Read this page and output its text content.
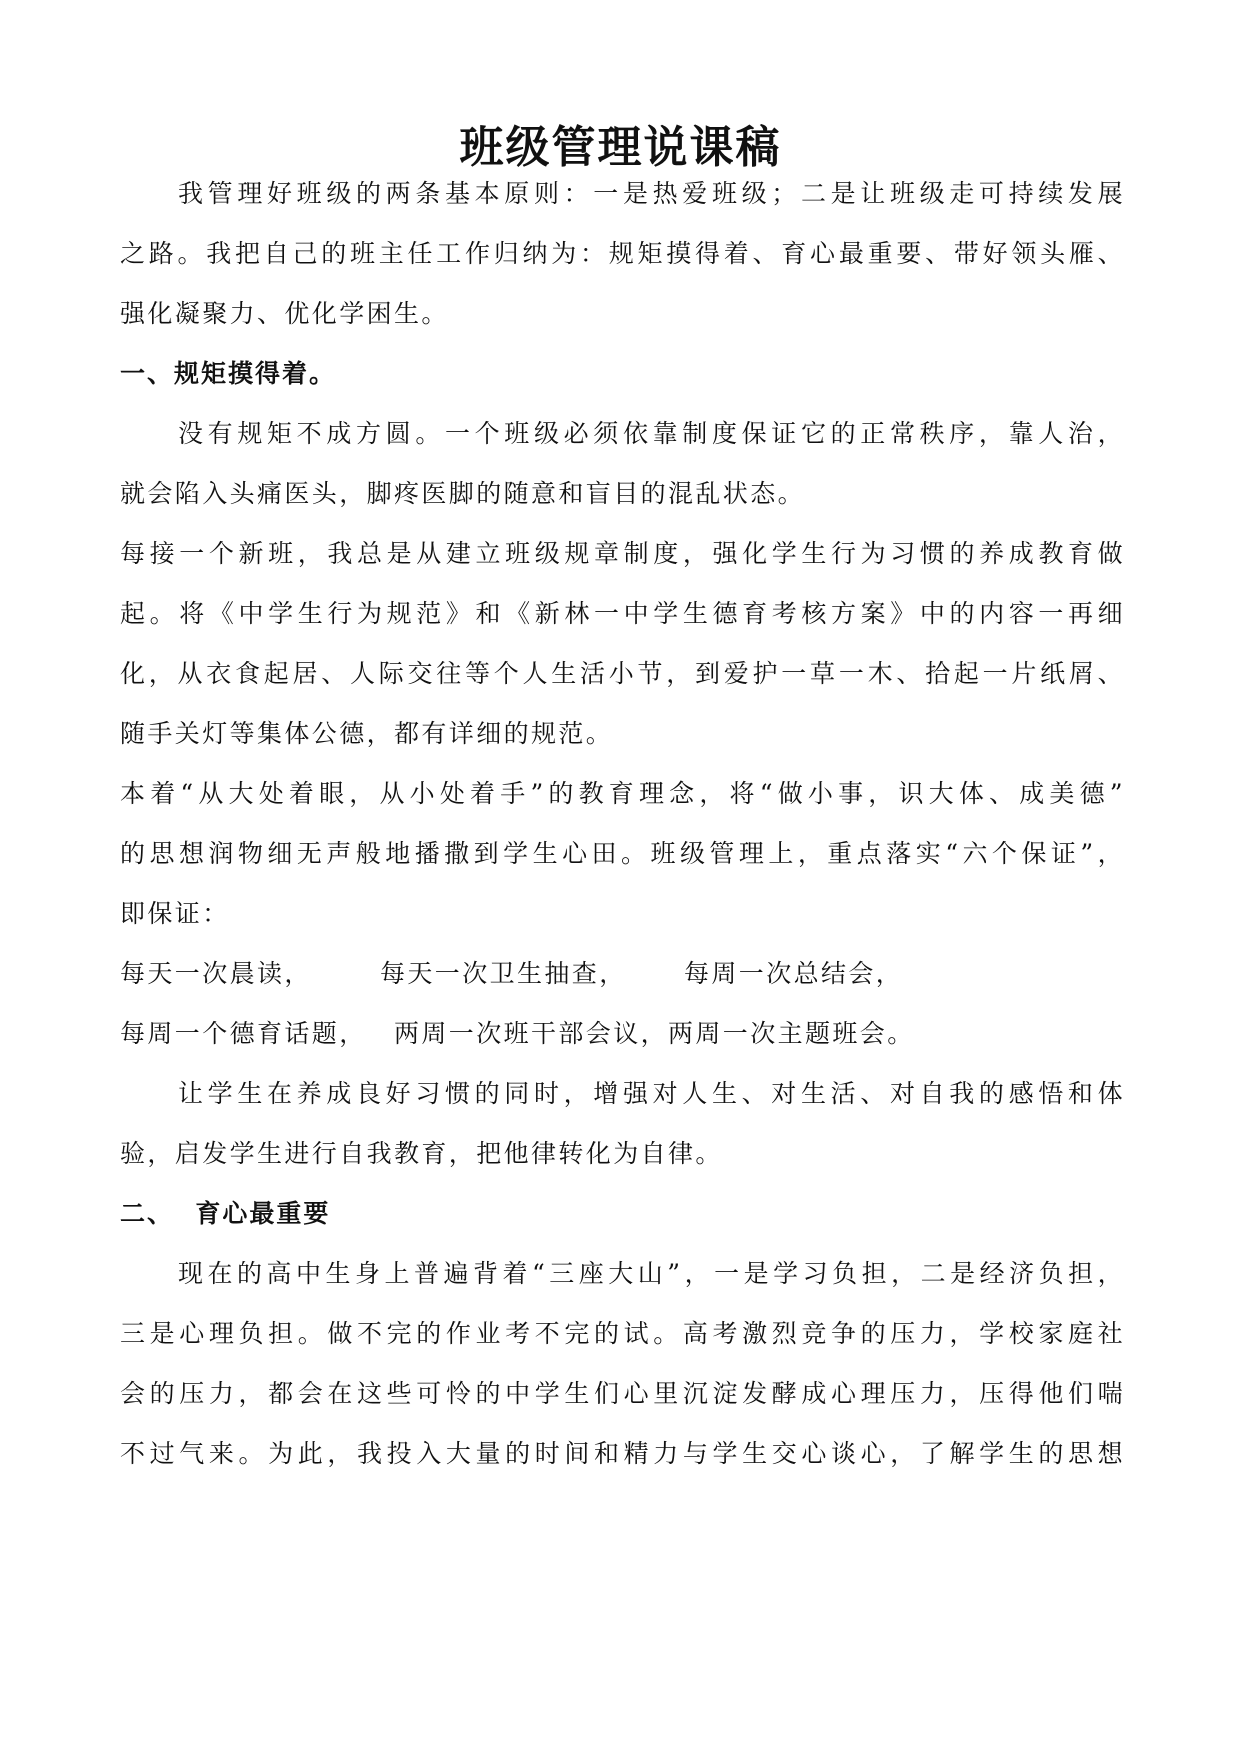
班级管理说课稿
我管理好班级的两条基本原则：一是热爱班级；二是让班级走可持续发展
之路。我把自己的班主任工作归纳为：规矩摸得着、育心最重要、带好领头雁、
强化凝聚力、优化学困生。
一、规矩摸得着。
没有规矩不成方圆。一个班级必须依靠制度保证它的正常秩序，靠人治，
就会陷入头痛医头，脚疼医脚的随意和盲目的混乱状态。
每接一个新班，我总是从建立班级规章制度，强化学生行为习惯的养成教育做
起。将《中学生行为规范》和《新林一中学生德育考核方案》中的内容一再细
化，从衣食起居、人际交往等个人生活小节，到爱护一草一木、拾起一片纸屑、
随手关灯等集体公德，都有详细的规范。
本着“从大处着眼，从小处着手”的教育理念，将“做小事，识大体、成美德”
的思想润物细无声般地播撒到学生心田。班级管理上，重点落实“六个保证”，
即保证：
每天一次晨读，	每天一次卫生抽查， 每周一次总结会，
每周一个德育话题， 两周一次班干部会议，两周一次主题班会。
让学生在养成良好习惯的同时，增强对人生、对生活、对自我的感悟和体
验，启发学生进行自我教育，把他律转化为自律。
二、  育心最重要
现在的高中生身上普遍背着“三座大山”，一是学习负担，二是经济负担，
三是心理负担。做不完的作业考不完的试。高考激烈竞争的压力，学校家庭社
会的压力，都会在这些可怜的中学生们心里沉淀发酵成心理压力，压得他们喘
不过气来。为此，我投入大量的时间和精力与学生交心谈心，了解学生的思想
